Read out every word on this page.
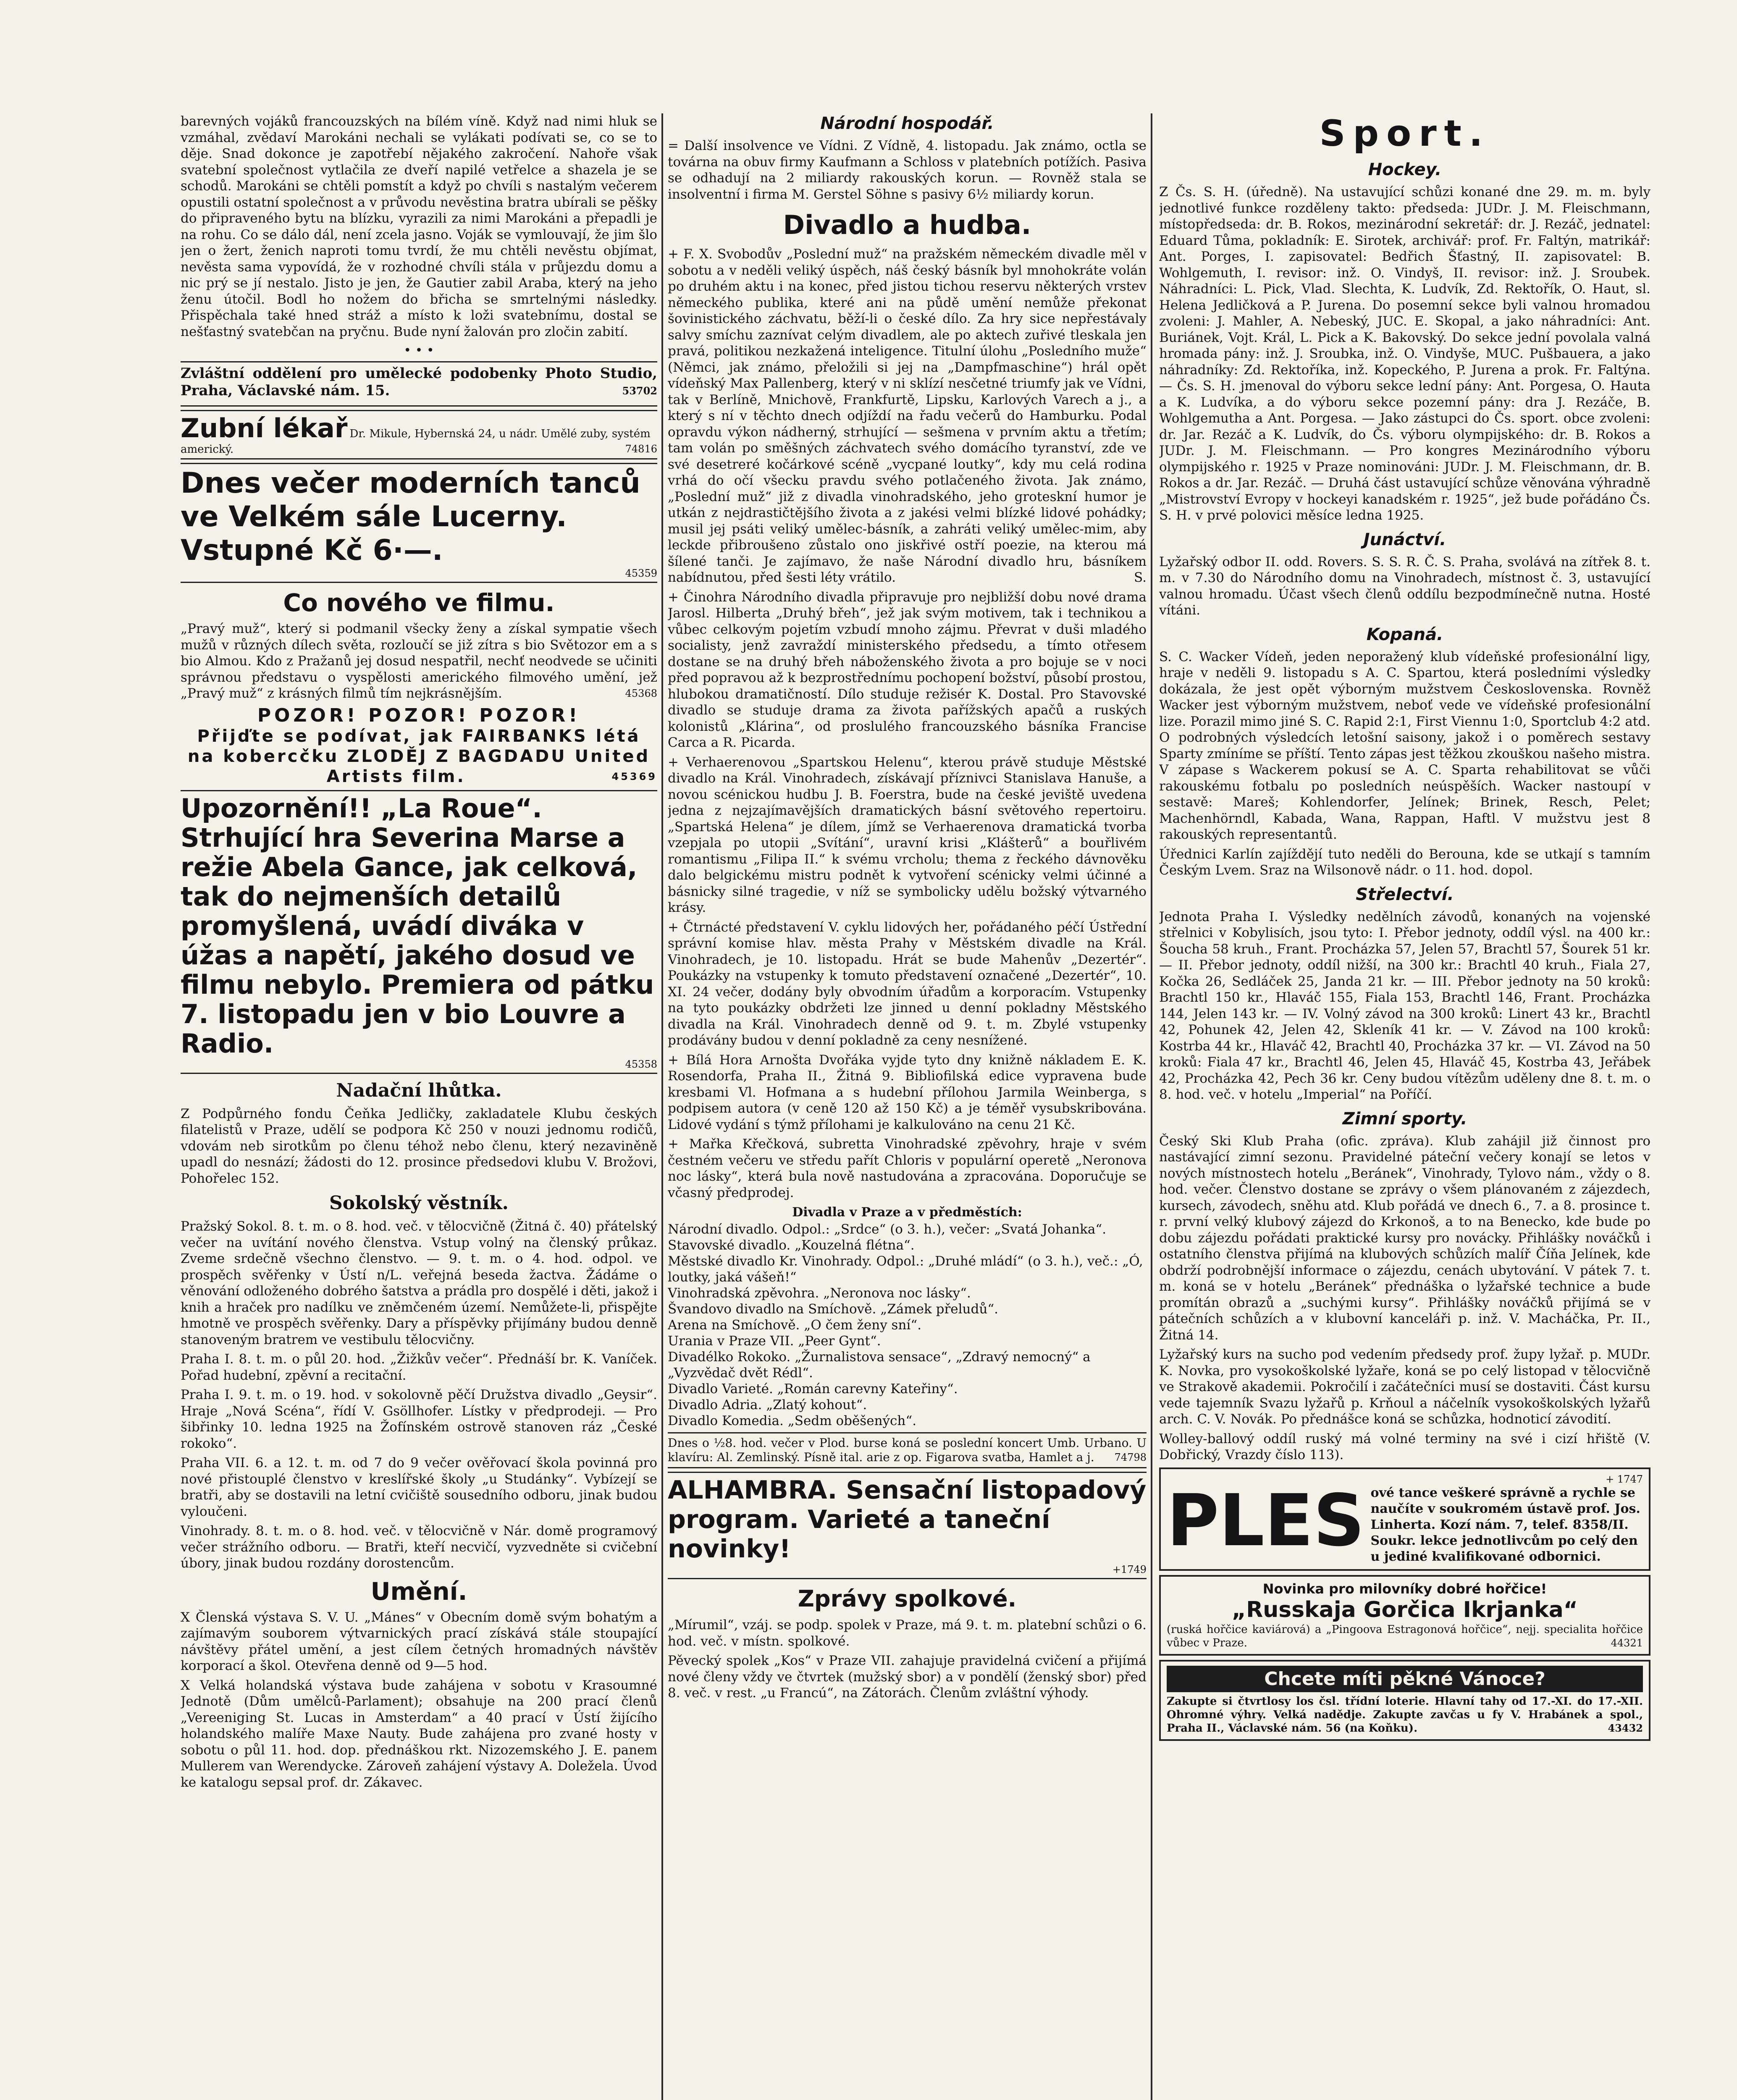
barevných vojáků francouzských na bílém víně. Když nad nimi hluk se vzmáhal, zvědaví Marokáni nechali se vylákati podívati se, co se to děje. Snad dokonce je zapotřebí nějakého zakročení. Nahoře však svatební společnost vytlačila ze dveří napilé vetřelce a shazela je se schodů. Marokáni se chtěli pomstít a když po chvíli s nastalým večerem opustili ostatní společnost a v průvodu nevěstina bratra ubírali se pěšky do připraveného bytu na blízku, vyrazili za nimi Marokáni a přepadli je na rohu. Co se dálo dál, není zcela jasno. Voják se vymlouvají, že jim šlo jen o žert, ženich naproti tomu tvrdí, že mu chtěli nevěstu objímat, nevěsta sama vypovídá, že v rozhodné chvíli stála v průjezdu domu a nic prý se jí nestalo. Jisto je jen, že Gautier zabil Araba, který na jeho ženu útočil. Bodl ho nožem do břicha se smrtelnými následky. Přispěchala také hned stráž a místo k loži svatebnímu, dostal se nešťastný svatebčan na pryčnu. Bude nyní žalován pro zločin zabití.

• • •

Zvláštní oddělení pro umělecké podobenky Photo Studio, Praha, Václavské nám. 15.	53702

Zubní lékař Dr. Mikule, Hybernská 24, u nádr. Umělé zuby, systém americký.	74816
Dnes večer moderních tanců ve Velkém sále Lucerny. Vstupné Kč 6·—.
45359
Co nového ve filmu.

„Pravý muž“, který si podmanil všecky ženy a získal sympatie všech mužů v různých dílech světa, rozloučí se již zítra s bio Světozor em a s bio Almou. Kdo z Pražanů jej dosud nespatřil, nechť neodvede se učiniti správnou představu o vyspělosti amerického filmového umění, jež „Pravý muž“ z krásných filmů tím nejkrásnějším.	45368

POZOR! POZOR! POZOR!
Přijďte se podívat, jak FAIRBANKS létá na kobercčku ZLODĚJ Z BAGDADU United Artists film.	45369
Upozornění!! „La Roue“. Strhující hra Severina Marse a režie Abela Gance, jak celková, tak do nejmenších detailů promyšlená, uvádí diváka v úžas a napětí, jakého dosud ve filmu nebylo. Premiera od pátku 7. listopadu jen v bio Louvre a Radio.
45358
Nadační lhůtka.

Z Podpůrného fondu Čeňka Jedličky, zakladatele Klubu českých filatelistů v Praze, udělí se podpora Kč 250 v nouzi jednomu rodičů, vdovám neb sirotkům po členu téhož nebo členu, který nezaviněně upadl do nesnází; žádosti do 12. prosince předsedovi klubu V. Brožovi, Pohořelec 152.

Sokolský věstník.

Pražský Sokol. 8. t. m. o 8. hod. več. v tělocvičně (Žitná č. 40) přátelský večer na uvítání nového členstva. Vstup volný na členský průkaz. Zveme srdečně všechno členstvo. — 9. t. m. o 4. hod. odpol. ve prospěch svěřenky v Ústí n/L. veřejná beseda žactva. Žádáme o věnování odloženého dobrého šatstva a prádla pro dospělé i děti, jakož i knih a hraček pro nadílku ve zněmčeném území. Nemůžete-li, přispějte hmotně ve prospěch svěřenky. Dary a příspěvky přijímány budou denně stanoveným bratrem ve vestibulu tělocvičny.

Praha I. 8. t. m. o půl 20. hod. „Žižkův večer“. Přednáší br. K. Vaníček. Pořad hudební, zpěvní a recitační.

Praha I. 9. t. m. o 19. hod. v sokolovně pěčí Družstva divadlo „Geysir“. Hraje „Nová Scéna“, řídí V. Gsöllhofer. Lístky v předprodeji. — Pro šibřinky 10. ledna 1925 na Žofínském ostrově stanoven ráz „České rokoko“.

Praha VII. 6. a 12. t. m. od 7 do 9 večer ověřovací škola povinná pro nové přistouplé členstvo v kreslířské školy „u Studánky“. Vybízejí se bratři, aby se dostavili na letní cvičiště sousedního odboru, jinak budou vyloučeni.

Vinohrady. 8. t. m. o 8. hod. več. v tělocvičně v Nár. domě programový večer strážního odboru. — Bratři, kteří necvičí, vyzvedněte si cvičební úbory, jinak budou rozdány dorostencům.

Umění.

X Členská výstava S. V. U. „Mánes“ v Obecním domě svým bohatým a zajímavým souborem výtvarnických prací získává stále stoupající návštěvy přátel umění, a jest cílem četných hromadných návštěv korporací a škol. Otevřena denně od 9—5 hod.

X Velká holandská výstava bude zahájena v sobotu v Krasoumné Jednotě (Dům umělců-Parlament); obsahuje na 200 prací členů „Vereeniging St. Lucas in Amsterdam“ a 40 prací v Ústí žijícího holandského malíře Maxe Nauty. Bude zahájena pro zvané hosty v sobotu o půl 11. hod. dop. přednáškou rkt. Nizozemského J. E. panem Mullerem van Werendycke. Zároveň zahájení výstavy A. Doležela. Úvod ke katalogu sepsal prof. dr. Zákavec.

Národní hospodář.

= Další insolvence ve Vídni. Z Vídně, 4. listopadu. Jak známo, octla se továrna na obuv firmy Kaufmann a Schloss v platebních potížích. Pasiva se odhadují na 2 miliardy rakouských korun. — Rovněž stala se insolventní i firma M. Gerstel Söhne s pasivy 6½ miliardy korun.

Divadlo a hudba.

+ F. X. Svobodův „Poslední muž“ na pražském německém divadle měl v sobotu a v neděli veliký úspěch, náš český básník byl mnohokráte volán po druhém aktu i na konec, před jistou tichou reservu některých vrstev německého publika, které ani na půdě umění nemůže překonat šovinistického záchvatu, běží-li o české dílo. Za hry sice nepřestávaly salvy smíchu zaznívat celým divadlem, ale po aktech zuřivé tleskala jen pravá, politikou nezkažená inteligence. Titulní úlohu „Posledního muže“ (Němci, jak známo, přeložili si jej na „Dampfmaschine“) hrál opět vídeňský Max Pallenberg, který v ni sklízí nesčetné triumfy jak ve Vídni, tak v Berlíně, Mnichově, Frankfurtě, Lipsku, Karlových Varech a j., a který s ní v těchto dnech odjíždí na řadu večerů do Hamburku. Podal opravdu výkon nádherný, strhující — sešmena v prvním aktu a třetím; tam volán po směšných záchvatech svého domácího tyranství, zde ve své desetreré kočárkové scéně „vycpané loutky“, kdy mu celá rodina vrhá do očí všecku pravdu svého potlačeného života. Jak známo, „Poslední muž“ již z divadla vinohradského, jeho groteskní humor je utkán z nejdrastičtějšího života a z jakési velmi blízké lidové pohádky; musil jej psáti veliký umělec-básník, a zahráti veliký umělec-mim, aby leckde přibroušeno zůstalo ono jiskřivé ostří poezie, na kterou má šílené tanči. Je zajímavo, že naše Národní divadlo hru, básníkem nabídnutou, před šesti léty vrátilo.	S.

+ Činohra Národního divadla připravuje pro nejbližší dobu nové drama Jarosl. Hilberta „Druhý břeh“, jež jak svým motivem, tak i technikou a vůbec celkovým pojetím vzbudí mnoho zájmu. Převrat v duši mladého socialisty, jenž zavraždí ministerského předsedu, a tímto otřesem dostane se na druhý břeh náboženského života a pro bojuje se v noci před popravou až k bezprostřednímu pochopení božství, působí prostou, hlubokou dramatičností. Dílo studuje režisér K. Dostal. Pro Stavovské divadlo se studuje drama za života pařížských apačů a ruských kolonistů „Klárina“, od proslulého francouzského básníka Francise Carca a R. Picarda.

+ Verhaerenovou „Spartskou Helenu“, kterou právě studuje Městské divadlo na Král. Vinohradech, získávají příznivci Stanislava Hanuše, a novou scénickou hudbu J. B. Foerstra, bude na české jeviště uvedena jedna z nejzajímavějších dramatických básní světového repertoiru. „Spartská Helena“ je dílem, jímž se Verhaerenova dramatická tvorba vzepjala po utopii „Svítání“, uravní krisi „Klášterů“ a bouřlivém romantismu „Filipa II.“ k svému vrcholu; thema z řeckého dávnověku dalo belgickému mistru podnět k vytvoření scénicky velmi účinné a básnicky silné tragedie, v níž se symbolicky udělu božský výtvarného krásy.

+ Čtrnácté představení V. cyklu lidových her, pořádaného péčí Ústřední správní komise hlav. města Prahy v Městském divadle na Král. Vinohradech, je 10. listopadu. Hrát se bude Mahenův „Dezertér“. Poukázky na vstupenky k tomuto představení označené „Dezertér“, 10. XI. 24 večer, dodány byly obvodním úřadům a korporacím. Vstupenky na tyto poukázky obdržeti lze jinned u denní pokladny Městského divadla na Král. Vinohradech denně od 9. t. m. Zbylé vstupenky prodávány budou v denní pokladně za ceny nesnížené.

+ Bílá Hora Arnošta Dvořáka vyjde tyto dny knižně nákladem E. K. Rosendorfa, Praha II., Žitná 9. Bibliofilská edice vypravena bude kresbami Vl. Hofmana a s hudební přílohou Jarmila Weinberga, s podpisem autora (v ceně 120 až 150 Kč) a je téměř vysubskribována. Lidové vydání s týmž přílohami je kalkulováno na cenu 21 Kč.

+ Mařka Křečková, subretta Vinohradské zpěvohry, hraje v svém čestném večeru ve středu pařít Chloris v populární operetě „Neronova noc lásky“, která bula nově nastudována a zpracována. Doporučuje se včasný předprodej.

Divadla v Praze a v předměstích:

Národní divadlo. Odpol.: „Srdce“ (o 3. h.), večer: „Svatá Johanka“.

Stavovské divadlo. „Kouzelná flétna“.

Městské divadlo Kr. Vinohrady. Odpol.: „Druhé mládí“ (o 3. h.), več.: „Ó, loutky, jaká vášeň!“

Vinohradská zpěvohra. „Neronova noc lásky“.

Švandovo divadlo na Smíchově. „Zámek přeludů“.

Arena na Smíchově. „O čem ženy sní“.

Urania v Praze VII. „Peer Gynt“.

Divadélko Rokoko. „Žurnalistova sensace“, „Zdravý nemocný“ a „Vyzvědač dvět Rédl“.

Divadlo Varieté. „Román carevny Kateřiny“.

Divadlo Adria. „Zlatý kohout“.

Divadlo Komedia. „Sedm oběšených“.

Dnes o ½8. hod. večer v Plod. burse koná se poslední koncert Umb. Urbano. U klavíru: Al. Zemlinský. Písně ital. arie z op. Figarova svatba, Hamlet a j. 74798

ALHAMBRA. Sensační listopadový program. Varieté a taneční novinky!
+1749
Zprávy spolkové.

„Mírumil“, vzáj. se podp. spolek v Praze, má 9. t. m. platební schůzi o 6. hod. več. v místn. spolkové.

Pěvecký spolek „Kos“ v Praze VII. zahajuje pravidelná cvičení a přijímá nové členy vždy ve čtvrtek (mužský sbor) a v pondělí (ženský sbor) před 8. več. v rest. „u Francú“, na Zátorách. Členům zvláštní výhody.

Sport.
Hockey.

Z Čs. S. H. (úředně). Na ustavující schůzi konané dne 29. m. m. byly jednotlivé funkce rozděleny takto: předseda: JUDr. J. M. Fleischmann, místopředseda: dr. B. Rokos, mezinárodní sekretář: dr. J. Rezáč, jednatel: Eduard Tůma, pokladník: E. Sirotek, archivář: prof. Fr. Faltýn, matrikář: Ant. Porges, I. zapisovatel: Bedřich Šťastný, II. zapisovatel: B. Wohlgemuth, I. revisor: inž. O. Vindyš, II. revisor: inž. J. Sroubek. Náhradníci: L. Pick, Vlad. Slechta, K. Ludvík, Zd. Rektořík, O. Haut, sl. Helena Jedličková a P. Jurena. Do posemní sekce byli valnou hromadou zvoleni: J. Mahler, A. Nebeský, JUC. E. Skopal, a jako náhradníci: Ant. Buriánek, Vojt. Král, L. Pick a K. Bakovský. Do sekce jední povolala valná hromada pány: inž. J. Sroubka, inž. O. Vindyše, MUC. Pušbauera, a jako náhradníky: Zd. Rektoříka, inž. Kopeckého, P. Jurena a prok. Fr. Faltýna. — Čs. S. H. jmenoval do výboru sekce lední pány: Ant. Porgesa, O. Hauta a K. Ludvíka, a do výboru sekce pozemní pány: dra J. Rezáče, B. Wohlgemutha a Ant. Porgesa. — Jako zástupci do Čs. sport. obce zvoleni: dr. Jar. Rezáč a K. Ludvík, do Čs. výboru olympijského: dr. B. Rokos a JUDr. J. M. Fleischmann. — Pro kongres Mezinárodního výboru olympijského r. 1925 v Praze nominováni: JUDr. J. M. Fleischmann, dr. B. Rokos a dr. Jar. Rezáč. — Druhá část ustavující schůze věnována výhradně „Mistrovství Evropy v hockeyi kanadském r. 1925“, jež bude pořádáno Čs. S. H. v prvé polovici měsíce ledna 1925.

Junáctví.

Lyžařský odbor II. odd. Rovers. S. S. R. Č. S. Praha, svolává na zítřek 8. t. m. v 7.30 do Národního domu na Vinohradech, místnost č. 3, ustavující valnou hromadu. Účast všech členů oddílu bezpodmínečně nutna. Hosté vítáni.

Kopaná.

S. C. Wacker Vídeň, jeden neporažený klub vídeňské profesionální ligy, hraje v neděli 9. listopadu s A. C. Spartou, která posledními výsledky dokázala, že jest opět výborným mužstvem Československa. Rovněž Wacker jest výborným mužstvem, neboť vede ve vídeňské profesionální lize. Porazil mimo jiné S. C. Rapid 2:1, First Viennu 1:0, Sportclub 4:2 atd. O podrobných výsledcích letošní saisony, jakož i o poměrech sestavy Sparty zmíníme se příští. Tento zápas jest těžkou zkouškou našeho mistra. V zápase s Wackerem pokusí se A. C. Sparta rehabilitovat se vůči rakouskému fotbalu po posledních neúspěších. Wacker nastoupí v sestavě: Mareš; Kohlendorfer, Jelínek; Brinek, Resch, Pelet; Machenhörndl, Kabada, Wana, Rappan, Haftl. V mužstvu jest 8 rakouských representantů.

Úřednici Karlín zajíždějí tuto neděli do Berouna, kde se utkají s tamním Českým Lvem. Sraz na Wilsonově nádr. o 11. hod. dopol.

Střelectví.

Jednota Praha I. Výsledky nedělních závodů, konaných na vojenské střelnici v Kobylisích, jsou tyto: I. Přebor jednoty, oddíl výsl. na 400 kr.: Šoucha 58 kruh., Frant. Procházka 57, Jelen 57, Brachtl 57, Šourek 51 kr. — II. Přebor jednoty, oddíl nižší, na 300 kr.: Brachtl 40 kruh., Fiala 27, Kočka 26, Sedláček 25, Janda 21 kr. — III. Přebor jednoty na 50 kroků: Brachtl 150 kr., Hlaváč 155, Fiala 153, Brachtl 146, Frant. Procházka 144, Jelen 143 kr. — IV. Volný závod na 300 kroků: Linert 43 kr., Brachtl 42, Pohunek 42, Jelen 42, Skleník 41 kr. — V. Závod na 100 kroků: Kostrba 44 kr., Hlaváč 42, Brachtl 40, Procházka 37 kr. — VI. Závod na 50 kroků: Fiala 47 kr., Brachtl 46, Jelen 45, Hlaváč 45, Kostrba 43, Jeřábek 42, Procházka 42, Pech 36 kr. Ceny budou vítězům uděleny dne 8. t. m. o 8. hod. več. v hotelu „Imperial“ na Poříčí.

Zimní sporty.

Český Ski Klub Praha (ofic. zpráva). Klub zahájil již činnost pro nastávající zimní sezonu. Pravidelné páteční večery konají se letos v nových místnostech hotelu „Beránek“, Vinohrady, Tylovo nám., vždy o 8. hod. večer. Členstvo dostane se zprávy o všem plánovaném z zájezdech, kursech, závodech, sněhu atd. Klub pořádá ve dnech 6., 7. a 8. prosince t. r. první velký klubový zájezd do Krkonoš, a to na Benecko, kde bude po dobu zájezdu pořádati praktické kursy pro novácky. Přihlášky nováčků i ostatního členstva přijímá na klubových schůzích malíř Číňa Jelínek, kde obdrží podrobnější informace o zájezdu, cenách ubytování. V pátek 7. t. m. koná se v hotelu „Beránek“ přednáška o lyžařské technice a bude promítán obrazů a „suchými kursy“. Přihlášky nováčků přijímá se v pátečních schůzích a v klubovní kanceláři p. inž. V. Macháčka, Pr. II., Žitná 14.

Lyžařský kurs na sucho pod vedením předsedy prof. župy lyžař. p. MUDr. K. Novka, pro vysokoškolské lyžaře, koná se po celý listopad v tělocvičně ve Strakově akademii. Pokročilí i začátečníci musí se dostaviti. Část kursu vede tajemník Svazu lyžařů p. Krňoul a náčelník vysokoškolských lyžařů arch. C. V. Novák. Po přednášce koná se schůzka, hodnoticí závodití.

Wolley-ballový oddíl ruský má volné terminy na své i cizí hřiště (V. Dobřický, Vrazdy číslo 113).

+ 1747
PLES ové tance veškeré správně a rychle se naučíte v soukromém ústavě prof. Jos. Linherta. Kozí nám. 7, telef. 8358/II. Soukr. lekce jednotlivcům po celý den u jediné kvalifikované odbornici.
Novinka pro milovníky dobré hořčice!
„Russkaja Gorčica Ikrjanka“

(ruská hořčice kaviárová) a „Pingoova Estragonová hořčice“, nejj. specialita hořčice vůbec v Praze.	44321

Chcete míti pěkné Vánoce?

Zakupte si čtvrtlosy los čsl. třídní loterie. Hlavní tahy od 17.-XI. do 17.-XII. Ohromné výhry. Velká nadědje. Zakupte zavčas u fy V. Hrabánek a spol., Praha II., Václavské nám. 56 (na Koňku).	43432
